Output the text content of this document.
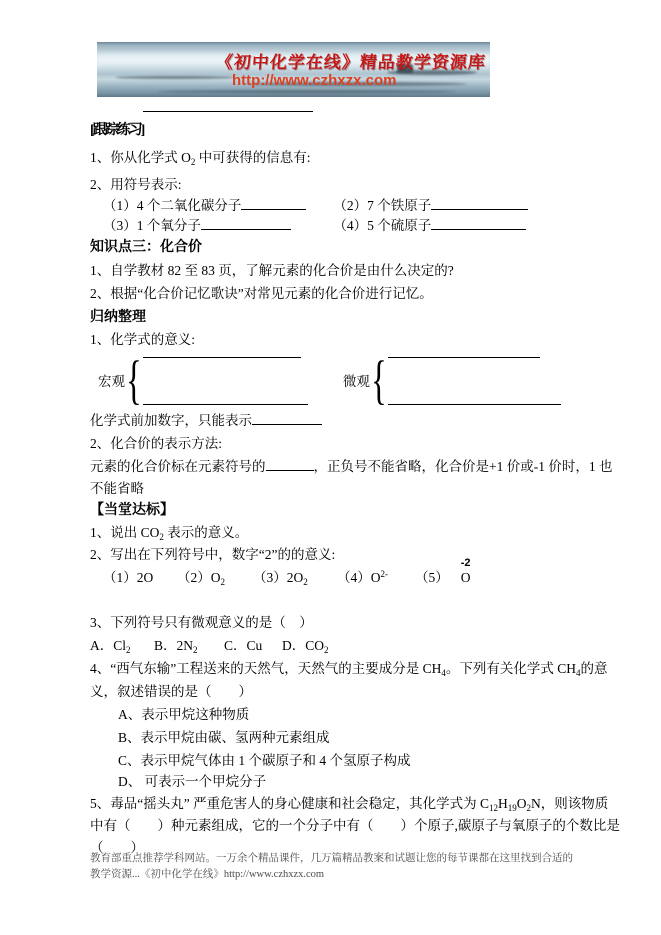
《初中化学在线》精品教学资源库
http://www.czhxzx.com

[跟踪练习]

1、你从化学式 $O_2$ 中可获得的信息有:

2、用符号表示:

（1）4 个二氧化碳分子	（2）7 个铁原子
（3）1 个氧分子	（4）5 个硫原子

知识点三：化合价

1、自学教材 82 至 83 页，了解元素的化合价是由什么决定的?

2、根据“化合价记忆歌诀”对常见元素的化合价进行记忆。

归纳整理

1、化学式的意义:

宏观 {	微观 {

化学式前加数字，只能表示

2、化合价的表示方法:

元素的化合价标在元素符号的	，正负号不能省略，化合价是+1 价或-1 价时，1 也

不能省略

【当堂达标】

1、说出 $CO_2$ 表示的意义。

2、写出在下列符号中，数字“2”的的意义:

（1）2O $(2)O_2$ $(3)2O_2$ $(4)O^{2-}$ （5）
-2
O

3、下列符号只有微观意义的是（　）

A．$Cl_2$ B．$2N_2$ C．Cu D．$CO_2$

4、“西气东输”工程送来的天然气，天然气的主要成分是 $CH_4$。下列有关化学式 $CH_4$的意

义，叙述错误的是（　　）

A、表示甲烷这种物质

B、表示甲烷由碳、氢两种元素组成

C、表示甲烷气体由 1 个碳原子和 4 个氢原子构成

D、 可表示一个甲烷分子

5、毒品“摇头丸” 严重危害人的身心健康和社会稳定，其化学式为 $C_{12}H_{19}O_2N$，则该物质

中有（　　）种元素组成，它的一个分子中有（　　）个原子,碳原子与氧原子的个数比是

（　　）

教育部重点推荐学科网站。一万余个精品课件，几万篇精品教案和试题让您的每节课都在这里找到合适的
教学资源...《初中化学在线》http://www.czhxzx.com
